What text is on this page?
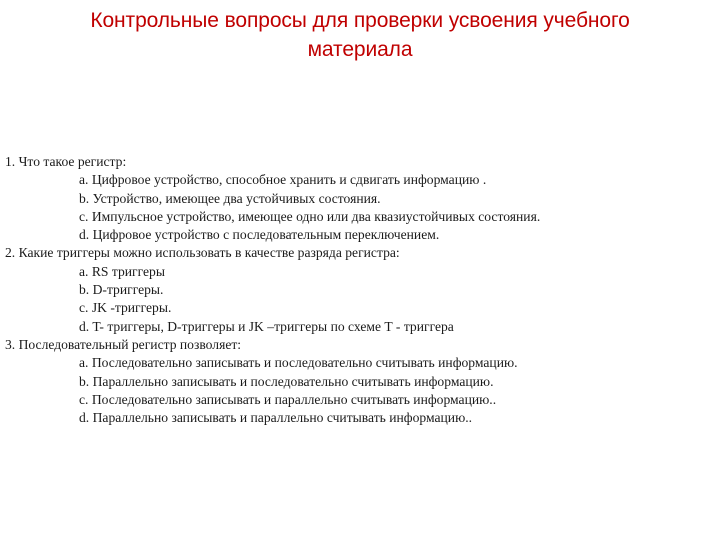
Контрольные вопросы для проверки усвоения учебного материала
1. Что такое регистр:
a. Цифровое устройство, способное хранить и сдвигать информацию .
b. Устройство, имеющее два устойчивых состояния.
c. Импульсное устройство, имеющее одно или два квазиустойчивых состояния.
d. Цифровое устройство с последовательным переключением.
2. Какие триггеры можно использовать в качестве разряда регистра:
a. RS триггеры
b. D-триггеры.
c. JK -триггеры.
d. T- триггеры, D-триггеры и JK –триггеры по схеме T - триггера
3. Последовательный регистр позволяет:
a. Последовательно записывать и последовательно считывать информацию.
b. Параллельно записывать и последовательно считывать информацию.
c. Последовательно записывать и параллельно считывать информацию..
d. Параллельно записывать и параллельно считывать информацию..
